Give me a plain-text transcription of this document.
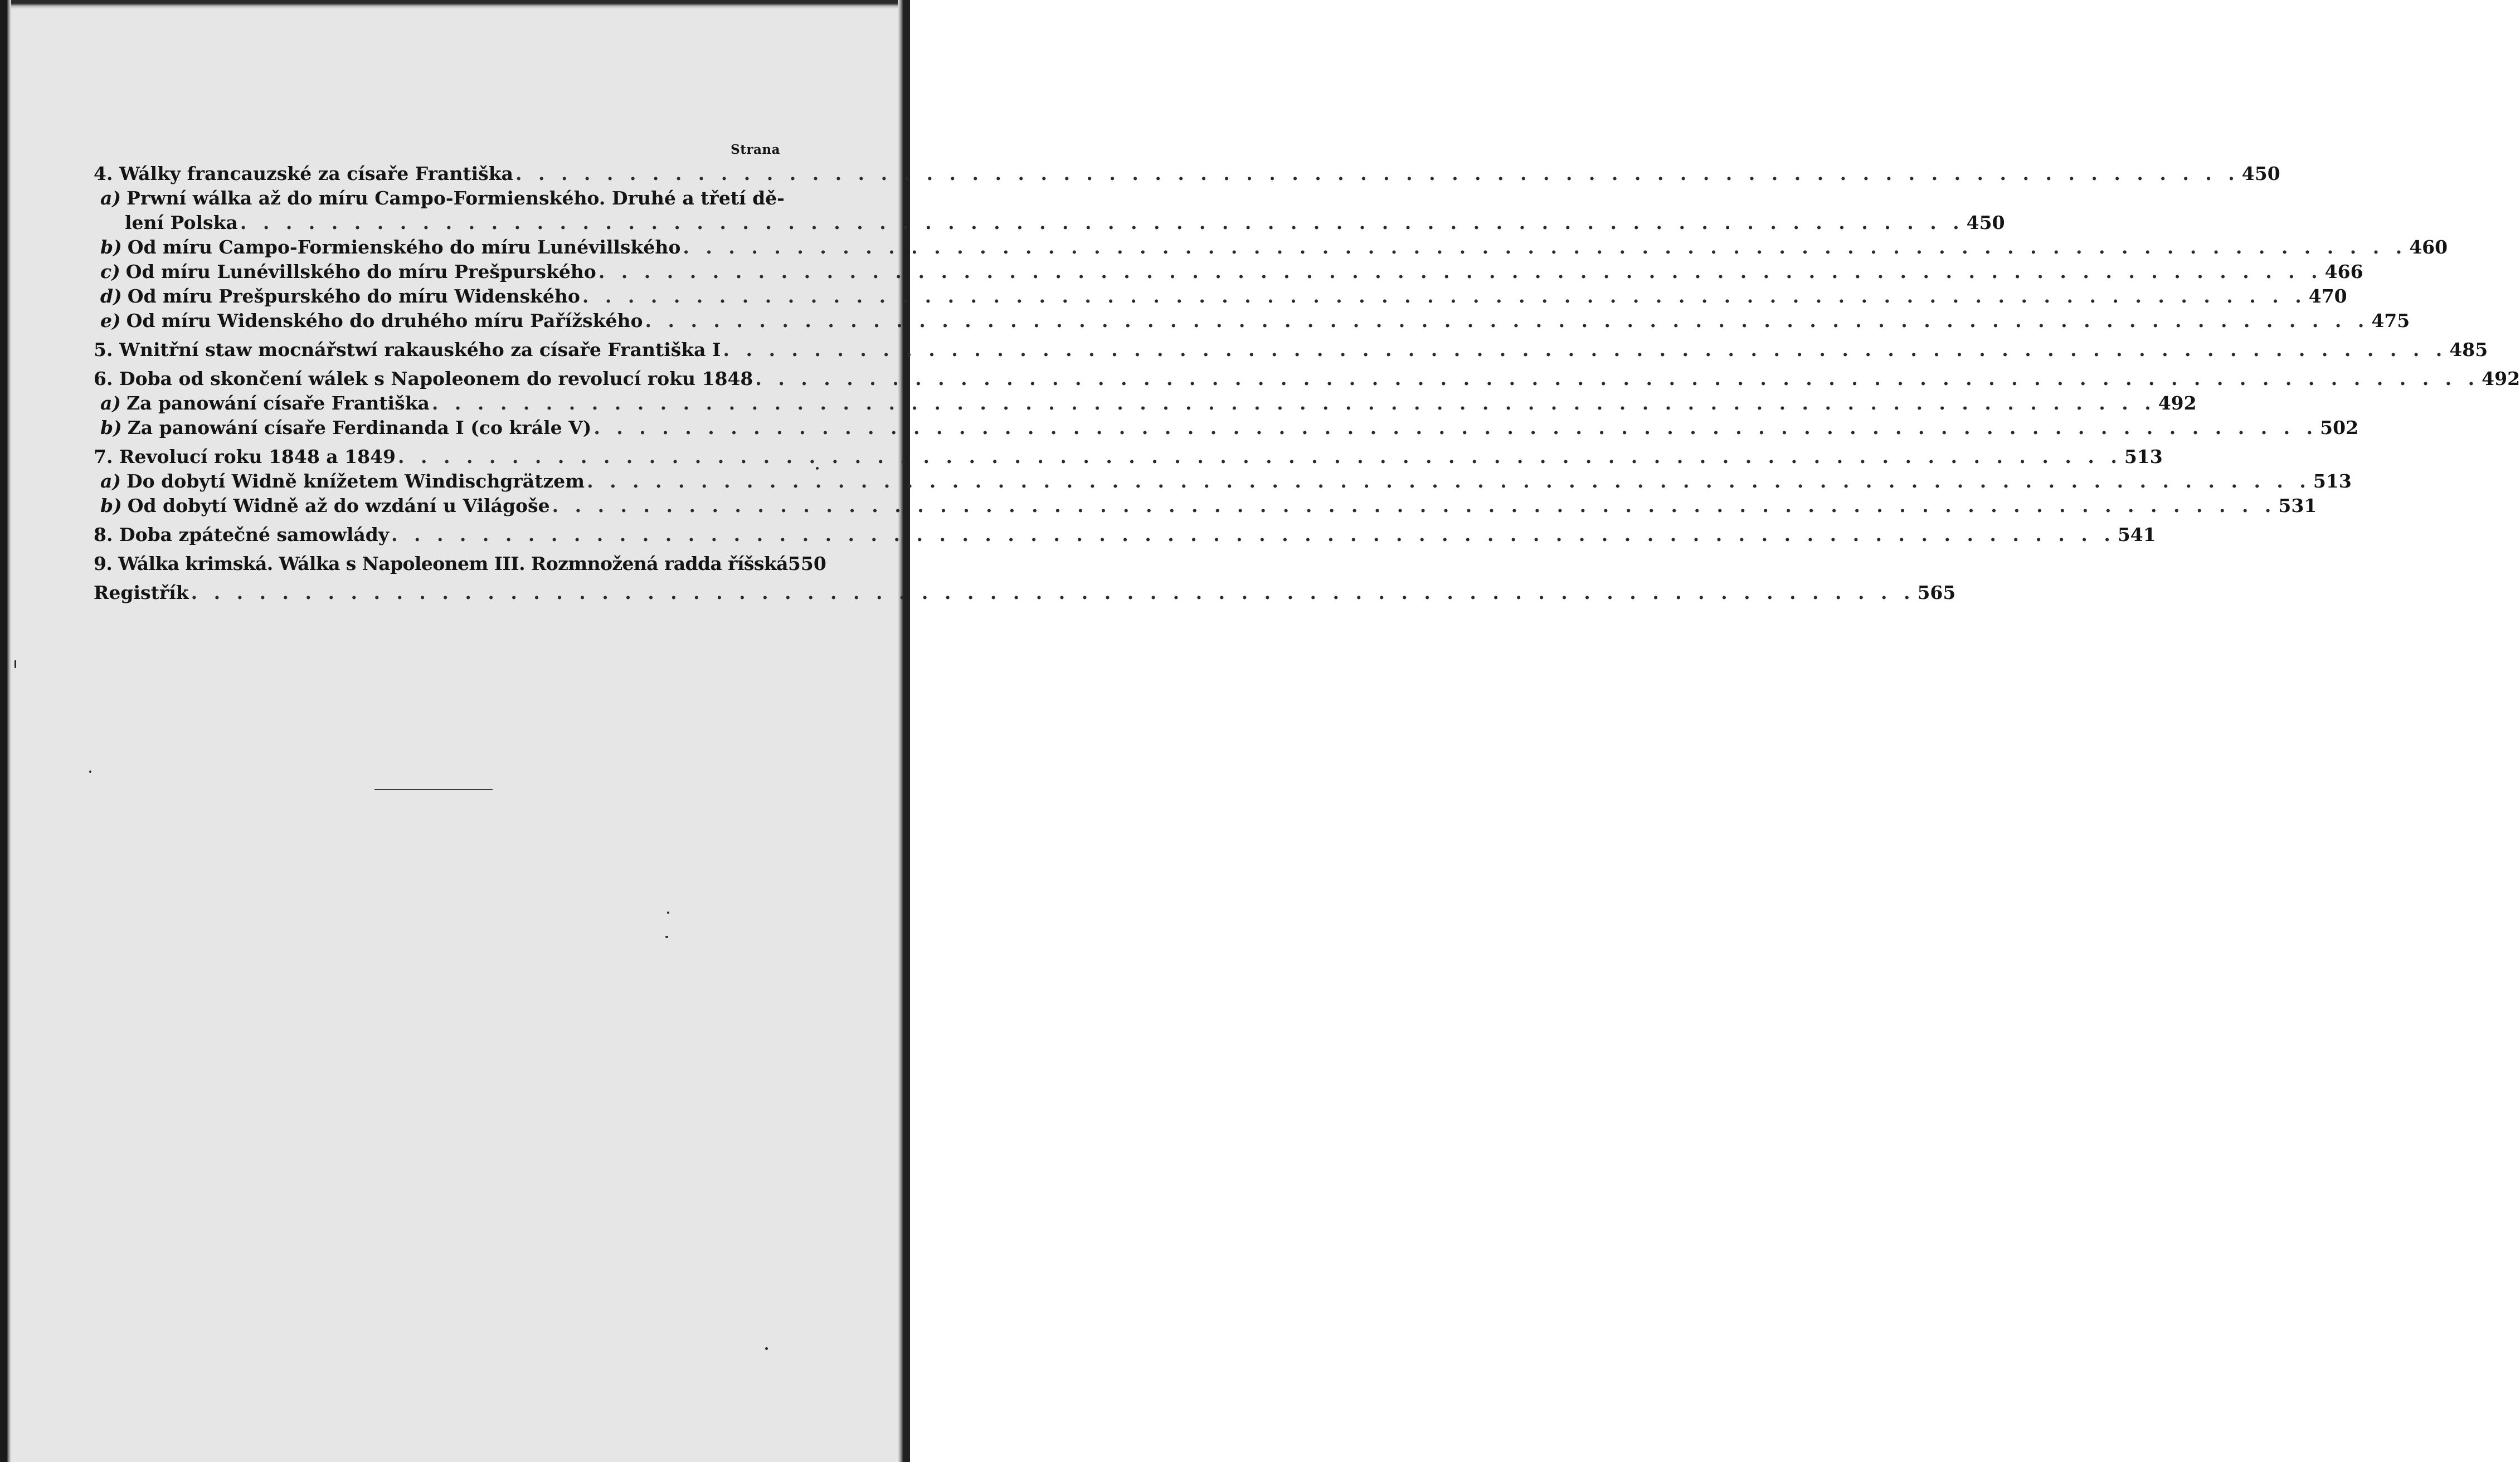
Strana
4. Wálky francauzské za císaře Františka . . .	450
a) Prwní wálka až do míru Campo-Formienského. Druhé a třetí dě-
lení Polska . . .	450
b) Od míru Campo-Formienského do míru Lunévillského . . .	460
c) Od míru Lunévillského do míru Prešpurského . . .	466
d) Od míru Prešpurského do míru Widenského . . .	470
e) Od míru Widenského do druhého míru Pařížského . . .	475
5. Wnitřní staw mocnářstwí rakauského za císaře Františka I . . .	485
6. Doba od skončení wálek s Napoleonem do revolucí roku 1848 . . .	492
a) Za panowání císaře Františka . . .	492
b) Za panowání císaře Ferdinanda I (co krále V) . . .	502
7. Revolucí roku 1848 a 1849 . . .	513
a) Do dobytí Widně knížetem Windischgrätzem . . .	513
b) Od dobytí Widně až do wzdání u Világoše . . .	531
8. Doba zpátečné samowlády . . .	541
9. Wálka krimská. Wálka s Napoleonem III. Rozmnožená radda říšská 550
Registřík . . .	565
